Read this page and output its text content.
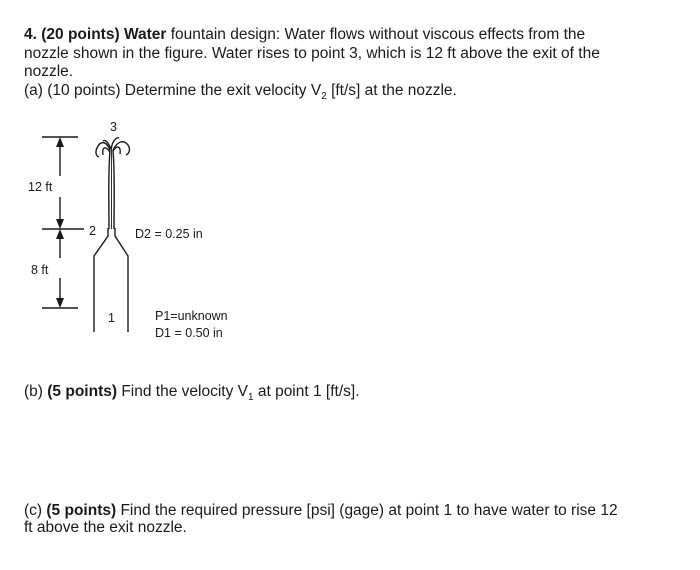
4. (20 points) Water fountain design: Water flows without viscous effects from the
nozzle shown in the figure. Water rises to point 3, which is 12 ft above the exit of the
nozzle.
(a) (10 points) Determine the exit velocity $V_2$ [ft/s] at the nozzle.
3
12 ft
2	D2 = 0.25 in
8 ft
1	P1=unknown
D1 = 0.50 in
(b) (5 points) Find the velocity $V_1$ at point 1 [ft/s].
(c) (5 points) Find the required pressure [psi] (gage) at point 1 to have water to rise 12
ft above the exit nozzle.
